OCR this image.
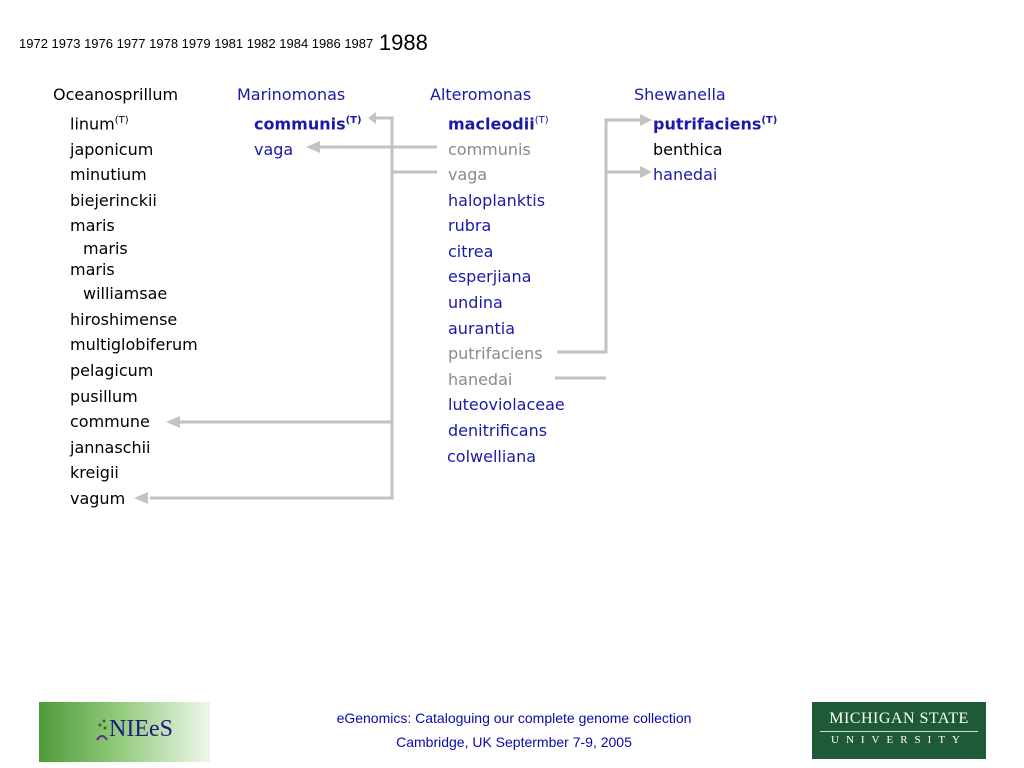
1972 1973 1976 1977 1978 1979 1981 1982 1984 1986 1987 1988
Oceanosprillum
linum$^{(T)}$
japonicum
minutium
biejerinckii
maris
maris
maris
williamsae
hiroshimense
multiglobiferum
pelagicum
pusillum
commune
jannaschii
kreigii
vagum
Marinomonas
communis$^{(T)}$
vaga
Alteromonas
macleodii$^{(T)}$
communis
vaga
haloplanktis
rubra
citrea
esperjiana
undina
aurantia
putrifaciens
hanedai
luteoviolaceae
denitrificans
colwelliana
Shewanella
putrifaciens$^{(T)}$
benthica
hanedai
NIEeS	eGenomics: Cataloguing our complete genome collection
Cambridge, UK Septermber 7-9, 2005
MICHIGAN STATE
UNIVERSITY
